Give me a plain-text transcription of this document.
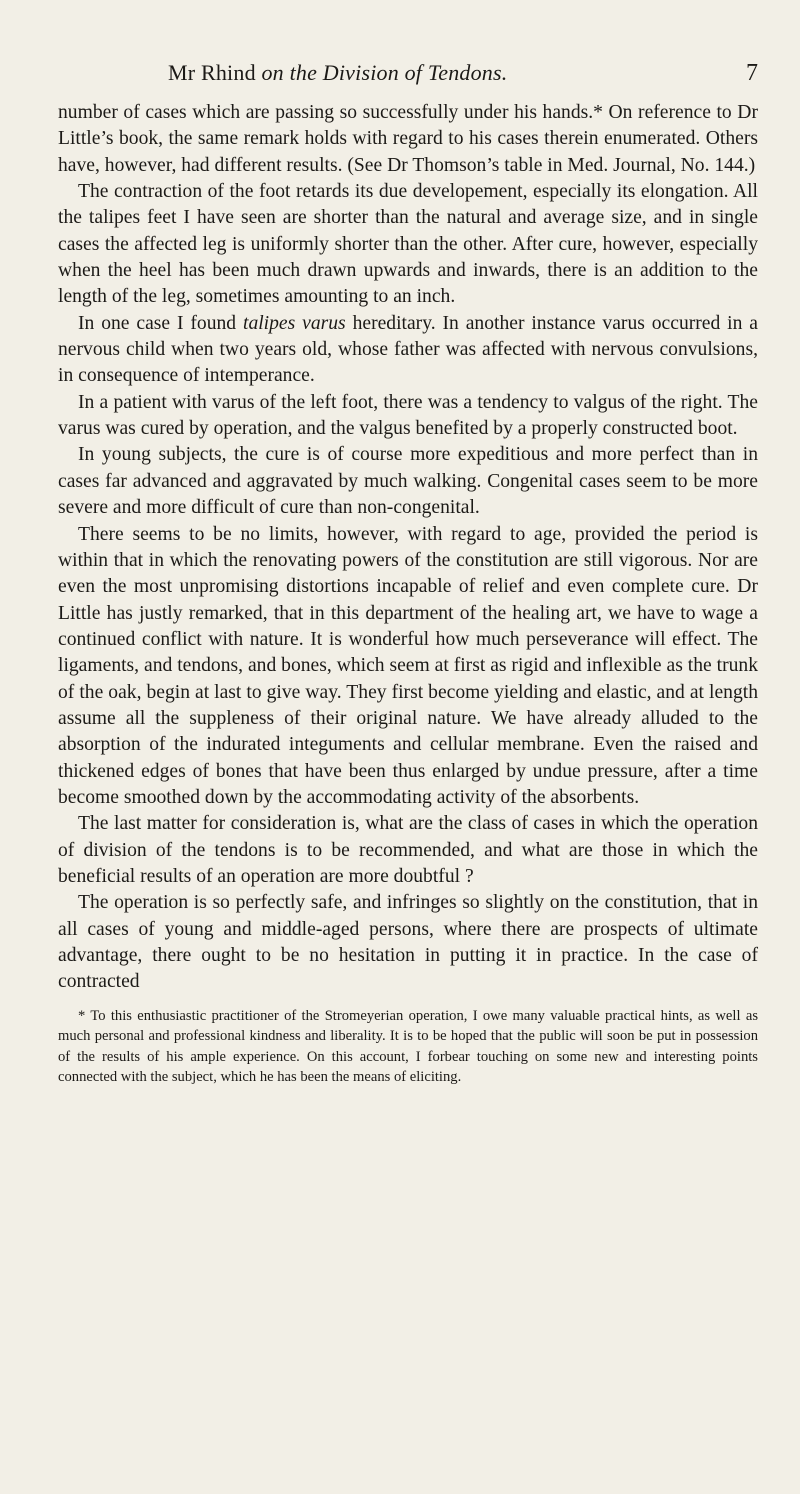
Mr Rhind on the Division of Tendons.	7

number of cases which are passing so successfully under his hands.* On reference to Dr Little’s book, the same remark holds with regard to his cases therein enumerated. Others have, however, had different results. (See Dr Thomson’s table in Med. Journal, No. 144.)

The contraction of the foot retards its due developement, especially its elongation. All the talipes feet I have seen are shorter than the natural and average size, and in single cases the affected leg is uniformly shorter than the other. After cure, however, especially when the heel has been much drawn upwards and inwards, there is an addition to the length of the leg, sometimes amounting to an inch.

In one case I found talipes varus hereditary. In another instance varus occurred in a nervous child when two years old, whose father was affected with nervous convulsions, in consequence of intemperance.

In a patient with varus of the left foot, there was a tendency to valgus of the right. The varus was cured by operation, and the valgus benefited by a properly constructed boot.

In young subjects, the cure is of course more expeditious and more perfect than in cases far advanced and aggravated by much walking. Congenital cases seem to be more severe and more difficult of cure than non-congenital.

There seems to be no limits, however, with regard to age, provided the period is within that in which the renovating powers of the constitution are still vigorous. Nor are even the most unpromising distortions incapable of relief and even complete cure. Dr Little has justly remarked, that in this department of the healing art, we have to wage a continued conflict with nature. It is wonderful how much perseverance will effect. The ligaments, and tendons, and bones, which seem at first as rigid and inflexible as the trunk of the oak, begin at last to give way. They first become yielding and elastic, and at length assume all the suppleness of their original nature. We have already alluded to the absorption of the indurated integuments and cellular membrane. Even the raised and thickened edges of bones that have been thus enlarged by undue pressure, after a time become smoothed down by the accommodating activity of the absorbents.

The last matter for consideration is, what are the class of cases in which the operation of division of the tendons is to be recommended, and what are those in which the beneficial results of an operation are more doubtful ?

The operation is so perfectly safe, and infringes so slightly on the constitution, that in all cases of young and middle-aged persons, where there are prospects of ultimate advantage, there ought to be no hesitation in putting it in practice. In the case of contracted

* To this enthusiastic practitioner of the Stromeyerian operation, I owe many valuable practical hints, as well as much personal and professional kindness and liberality. It is to be hoped that the public will soon be put in possession of the results of his ample experience. On this account, I forbear touching on some new and interesting points connected with the subject, which he has been the means of eliciting.
